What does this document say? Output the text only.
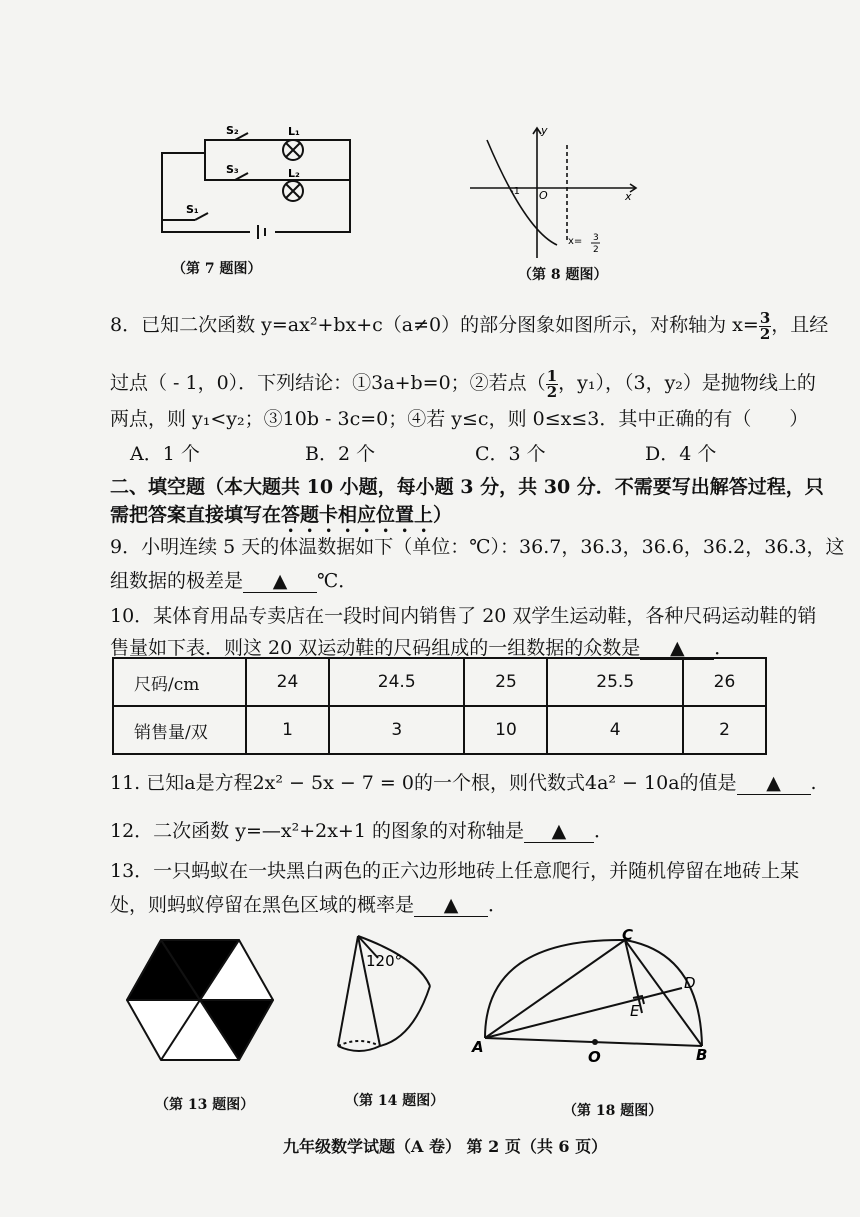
S₂	L₁
S₃	L₂
S₁
（第 7 题图）
y
x
O
-1
x= 3
2
（第 8 题图）
8．已知二次函数 y=ax²+bx+c（a≠0）的部分图象如图所示，对称轴为 $x= \frac{3}{2}$ ，且经
过点（ - 1，0）．下列结论：①3a+b=0；②若点（ $\frac{1}{2}$ ，y₁），（3，y₂）是抛物线上的
两点，则 y₁<y₂；③10b - 3c=0；④若 y≤c，则 0≤x≤3．其中正确的有（　　）
A．1 个	B．2 个	C．3 个	D．4 个
二、填空题（本大题共 10 小题，每小题 3 分，共 30 分．不需要写出解答过程，只
需把答案直接填写在答题卡相应位置上）
9．小明连续 5 天的体温数据如下（单位：℃）：36.7，36.3，36.6，36.2，36.3，这
组数据的极差是 ▲ ℃．
10．某体育用品专卖店在一段时间内销售了 20 双学生运动鞋，各种尺码运动鞋的销
售量如下表．则这 20 双运动鞋的尺码组成的一组数据的众数是 ▲ ．
尺码/cm	24	24.5	25	25.5	26
销售量/双	1	3	10	4	2
11. 已知a是方程2x² − 5x − 7 = 0的一个根，则代数式4a² − 10a的值是 ▲ .
12．二次函数 y=—x²+2x+1 的图象的对称轴是 ▲ ．
13．一只蚂蚁在一块黑白两色的正六边形地砖上任意爬行，并随机停留在地砖上某
处，则蚂蚁停留在黑色区域的概率是 ▲ ．
（第 13 题图）
120°
（第 14 题图）
C
D
E
A
O	B
（第 18 题图）
九年级数学试题（A 卷） 第 2 页（共 6 页）
